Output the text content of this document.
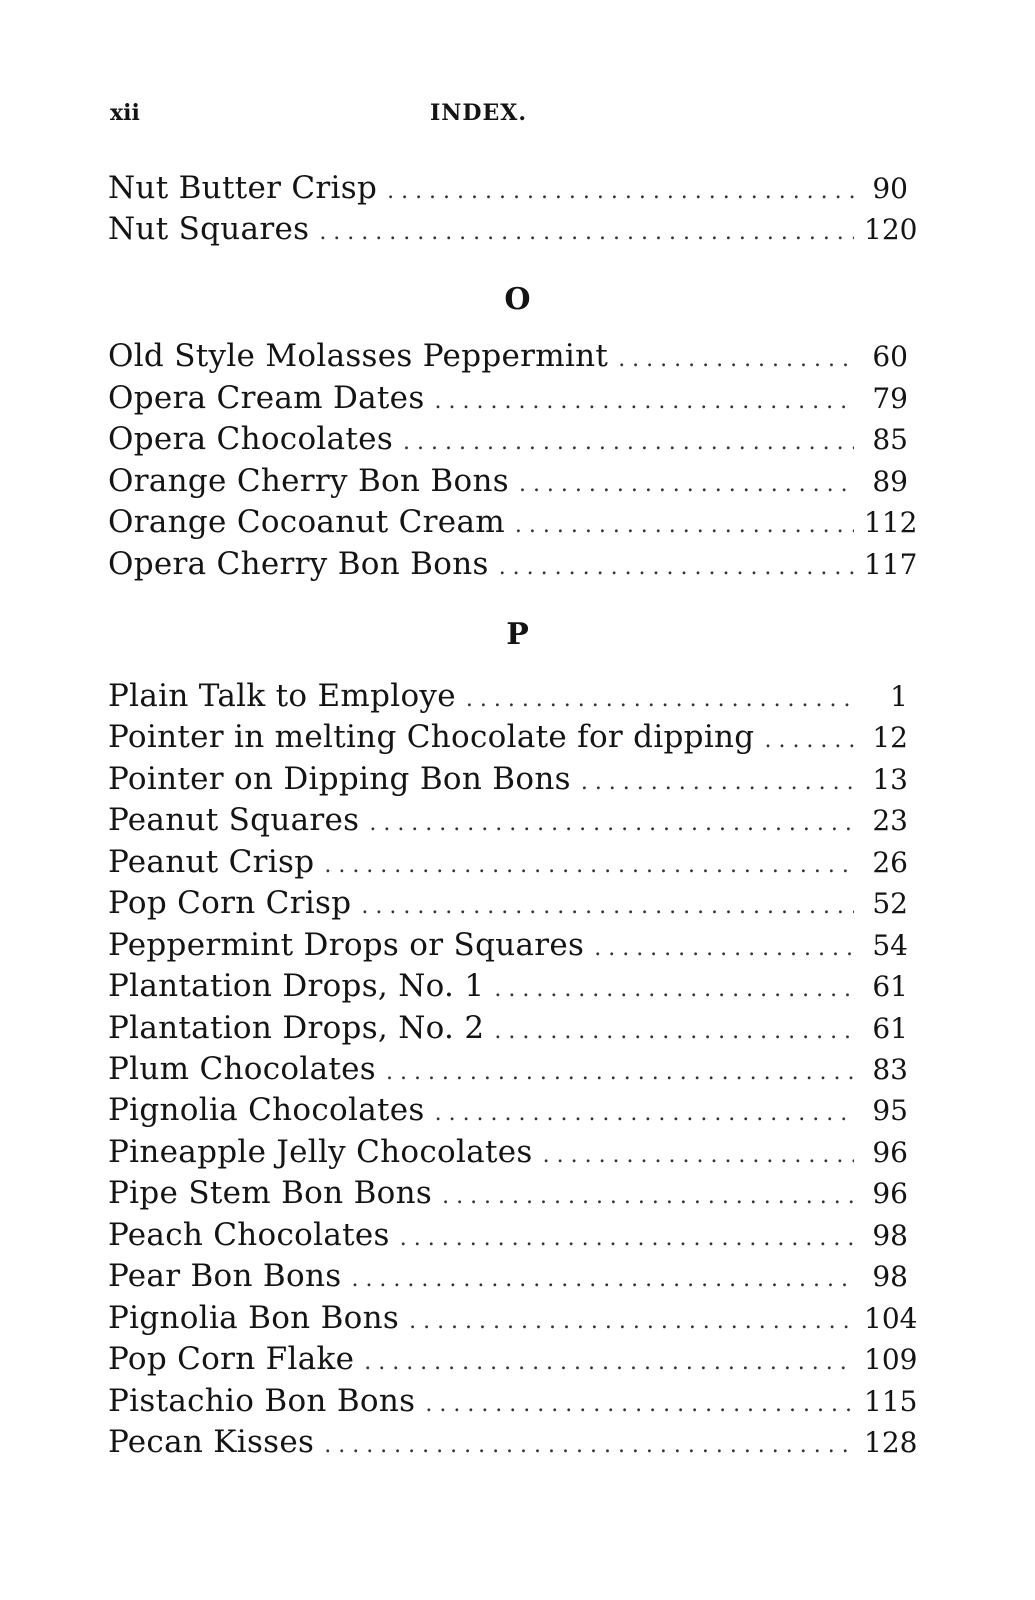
xii	INDEX.
Nut Butter Crisp . . .	90
Nut Squares . . .	120
O
Old Style Molasses Peppermint . . .	60
Opera Cream Dates . . .	79
Opera Chocolates . . .	85
Orange Cherry Bon Bons . . .	89
Orange Cocoanut Cream . . .	112
Opera Cherry Bon Bons . . .	117
P
Plain Talk to Employe . . .	1
Pointer in melting Chocolate for dipping . . .	12
Pointer on Dipping Bon Bons . . .	13
Peanut Squares . . .	23
Peanut Crisp . . .	26
Pop Corn Crisp . . .	52
Peppermint Drops or Squares . . .	54
Plantation Drops, No. 1 . . .	61
Plantation Drops, No. 2 . . .	61
Plum Chocolates . . .	83
Pignolia Chocolates . . .	95
Pineapple Jelly Chocolates . . .	96
Pipe Stem Bon Bons . . .	96
Peach Chocolates . . .	98
Pear Bon Bons . . .	98
Pignolia Bon Bons . . .	104
Pop Corn Flake . . .	109
Pistachio Bon Bons . . .	115
Pecan Kisses . . .	128
